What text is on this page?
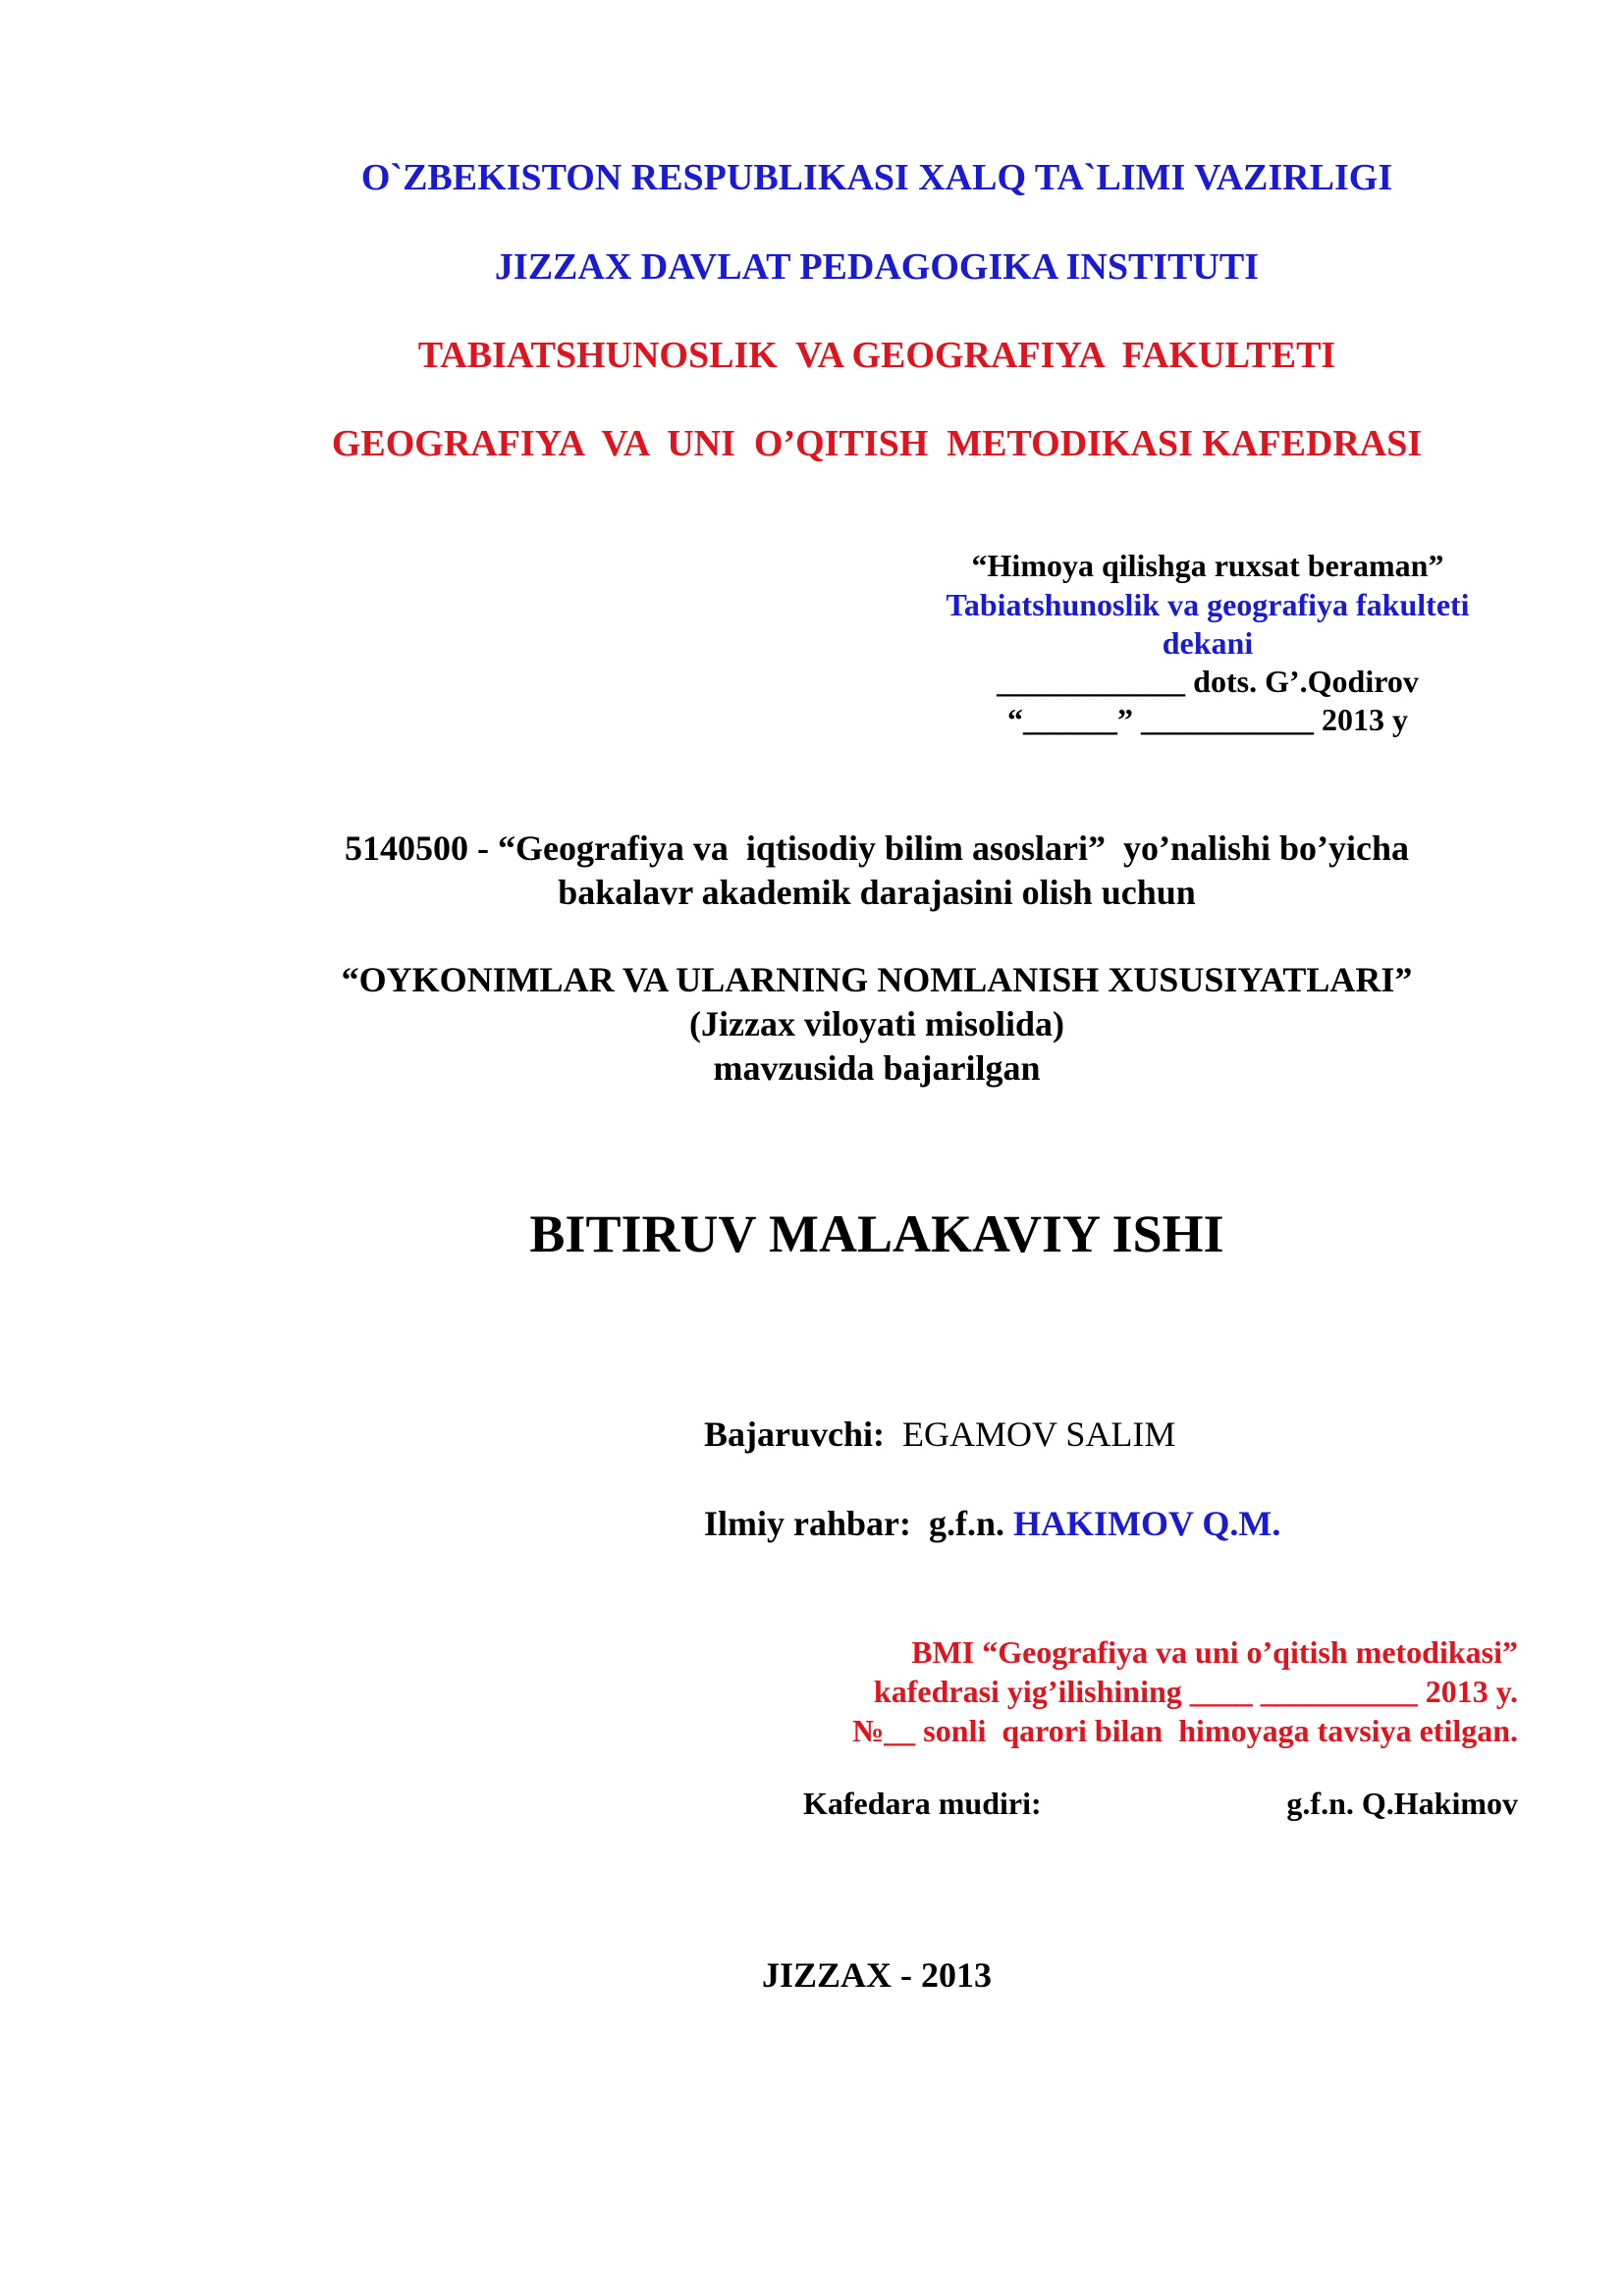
O`ZBEKISTON RESPUBLIKASI XALQ TA`LIMI VAZIRLIGI
JIZZAX DAVLAT PEDAGOGIKA INSTITUTI
TABIATSHUNOSLIK  VA GEOGRAFIYA  FAKULTETI
GEOGRAFIYA  VA  UNI  O’QITISH  METODIKASI KAFEDRASI
“Himoya qilishga ruxsat beraman”
Tabiatshunoslik va geografiya fakulteti
dekani
____________ dots. G’.Qodirov
“______” ___________ 2013 y
5140500 - “Geografiya va  iqtisodiy bilim asoslari”  yo’nalishi bo’yicha
bakalavr akademik darajasini olish uchun
“OYKONIMLAR VA ULARNING NOMLANISH XUSUSIYATLARI”
(Jizzax viloyati misolida)
mavzusida bajarilgan
BITIRUV MALAKAVIY ISHI
Bajaruvchi: EGAMOV SALIM
Ilmiy rahbar: g.f.n. HAKIMOV Q.M.
BMI “Geografiya va uni o’qitish metodikasi”
kafedrasi yig’ilishining ____ __________ 2013 y.
№__ sonli  qarori bilan  himoyaga tavsiya etilgan.
Kafedara mudiri:	g.f.n. Q.Hakimov
JIZZAX - 2013
